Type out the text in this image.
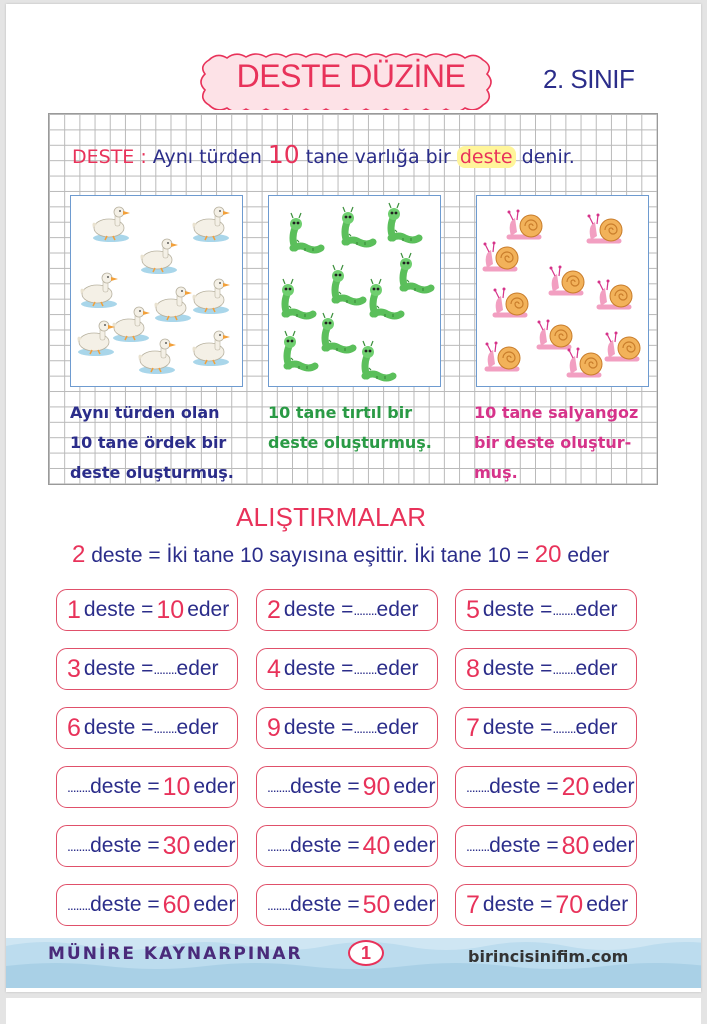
DESTE DÜZİNE	2. SINIF
DESTE : Aynı türden 10 tane varlığa bir deste denir.
Aynı türden olan
10 tane ördek bir
deste oluşturmuş.
10 tane tırtıl bir
deste oluşturmuş.
10 tane salyangoz
bir deste oluştur-
muş.
ALIŞTIRMALAR
2 deste = İki tane 10 sayısına eşittir. İki tane 10 = 20 eder
1 deste = 10 eder 2 deste = ........ eder 5 deste = ........ eder
3 deste = ........ eder 4 deste = ........ eder 8 deste = ........ eder
6 deste = ........ eder 9 deste = ........ eder 7 deste = ........ eder
........ deste = 10 eder ........ deste = 90 eder ........ deste = 20 eder
........ deste = 30 eder ........ deste = 40 eder ........ deste = 80 eder
........ deste = 60 eder ........ deste = 50 eder 7 deste = 70 eder
MÜNİRE KAYNARPINAR	1	birincisinifim.com
